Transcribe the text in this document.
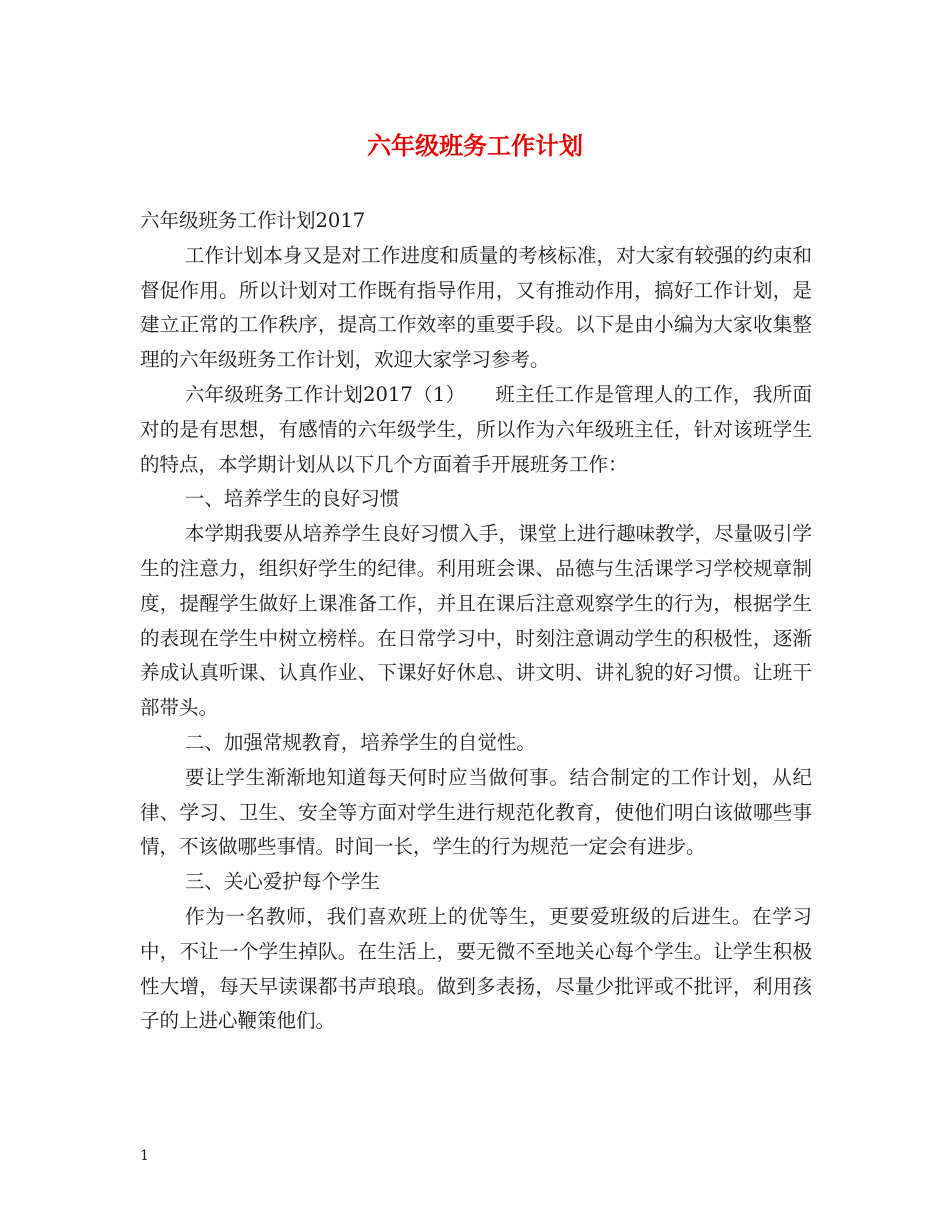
六年级班务工作计划

六年级班务工作计划2017

工作计划本身又是对工作进度和质量的考核标准，对大家有较强的约束和督促作用。所以计划对工作既有指导作用，又有推动作用，搞好工作计划，是建立正常的工作秩序，提高工作效率的重要手段。以下是由小编为大家收集整理的六年级班务工作计划，欢迎大家学习参考。

六年级班务工作计划2017（1）　　班主任工作是管理人的工作，我所面对的是有思想，有感情的六年级学生，所以作为六年级班主任，针对该班学生的特点，本学期计划从以下几个方面着手开展班务工作：

一、培养学生的良好习惯

本学期我要从培养学生良好习惯入手，课堂上进行趣味教学，尽量吸引学生的注意力，组织好学生的纪律。利用班会课、品德与生活课学习学校规章制度，提醒学生做好上课准备工作，并且在课后注意观察学生的行为，根据学生的表现在学生中树立榜样。在日常学习中，时刻注意调动学生的积极性，逐渐养成认真听课、认真作业、下课好好休息、讲文明、讲礼貌的好习惯。让班干部带头。

二、加强常规教育，培养学生的自觉性。

要让学生渐渐地知道每天何时应当做何事。结合制定的工作计划，从纪律、学习、卫生、安全等方面对学生进行规范化教育，使他们明白该做哪些事情，不该做哪些事情。时间一长，学生的行为规范一定会有进步。

三、关心爱护每个学生

作为一名教师，我们喜欢班上的优等生，更要爱班级的后进生。在学习中，不让一个学生掉队。在生活上，要无微不至地关心每个学生。让学生积极性大增，每天早读课都书声琅琅。做到多表扬，尽量少批评或不批评，利用孩子的上进心鞭策他们。

1
